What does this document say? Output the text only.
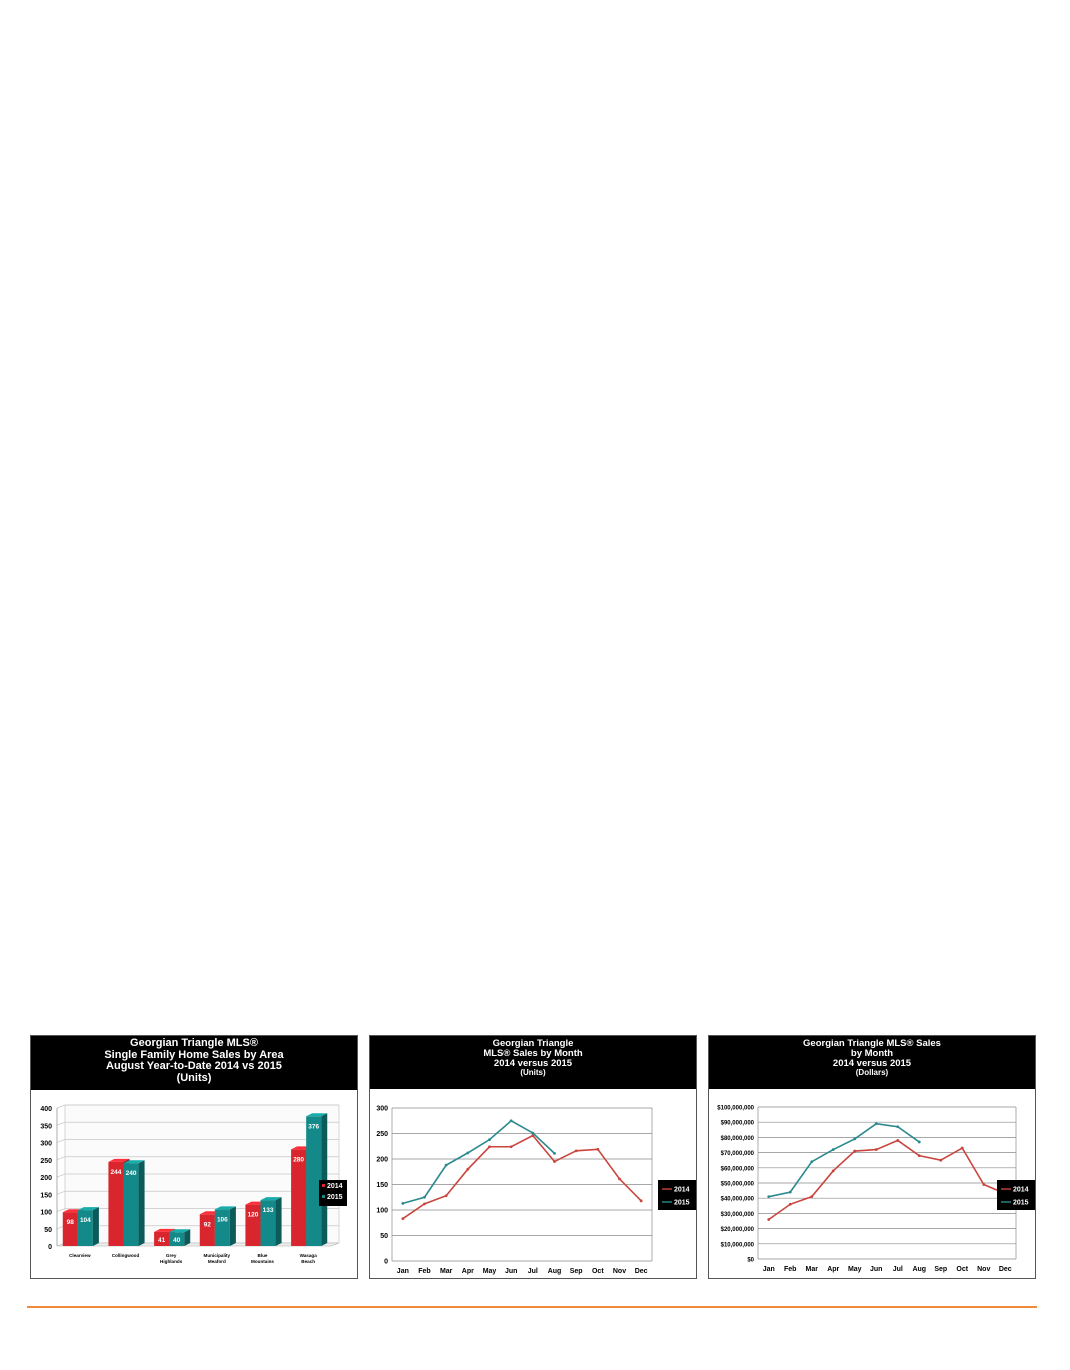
Georgian Triangle MLS®
Single Family Home Sales by Area
August Year-to-Date 2014 vs 2015
(Units)
0
50
100
150
200
250
300
350
400
98 104
Clearview
244 240
Collingwood
41 40
Grey
Highlands
92
106
Municipality
Meaford
120
133
Blue
Mountains
280
376
Wasaga
Beach
2014
2015
Georgian Triangle
MLS® Sales by Month
2014 versus 2015
(Units)
0
50
100
150
200
250
300
Jan Feb Mar Apr May Jun Jul Aug Sep Oct Nov Dec
2014
2015
Georgian Triangle MLS® Sales
by Month
2014 versus 2015
(Dollars)
$0
$10,000,000
$20,000,000
$30,000,000
$40,000,000
$50,000,000
$60,000,000
$70,000,000
$80,000,000
$90,000,000
$100,000,000
Jan Feb Mar Apr May Jun Jul Aug Sep Oct Nov Dec
2014
2015
